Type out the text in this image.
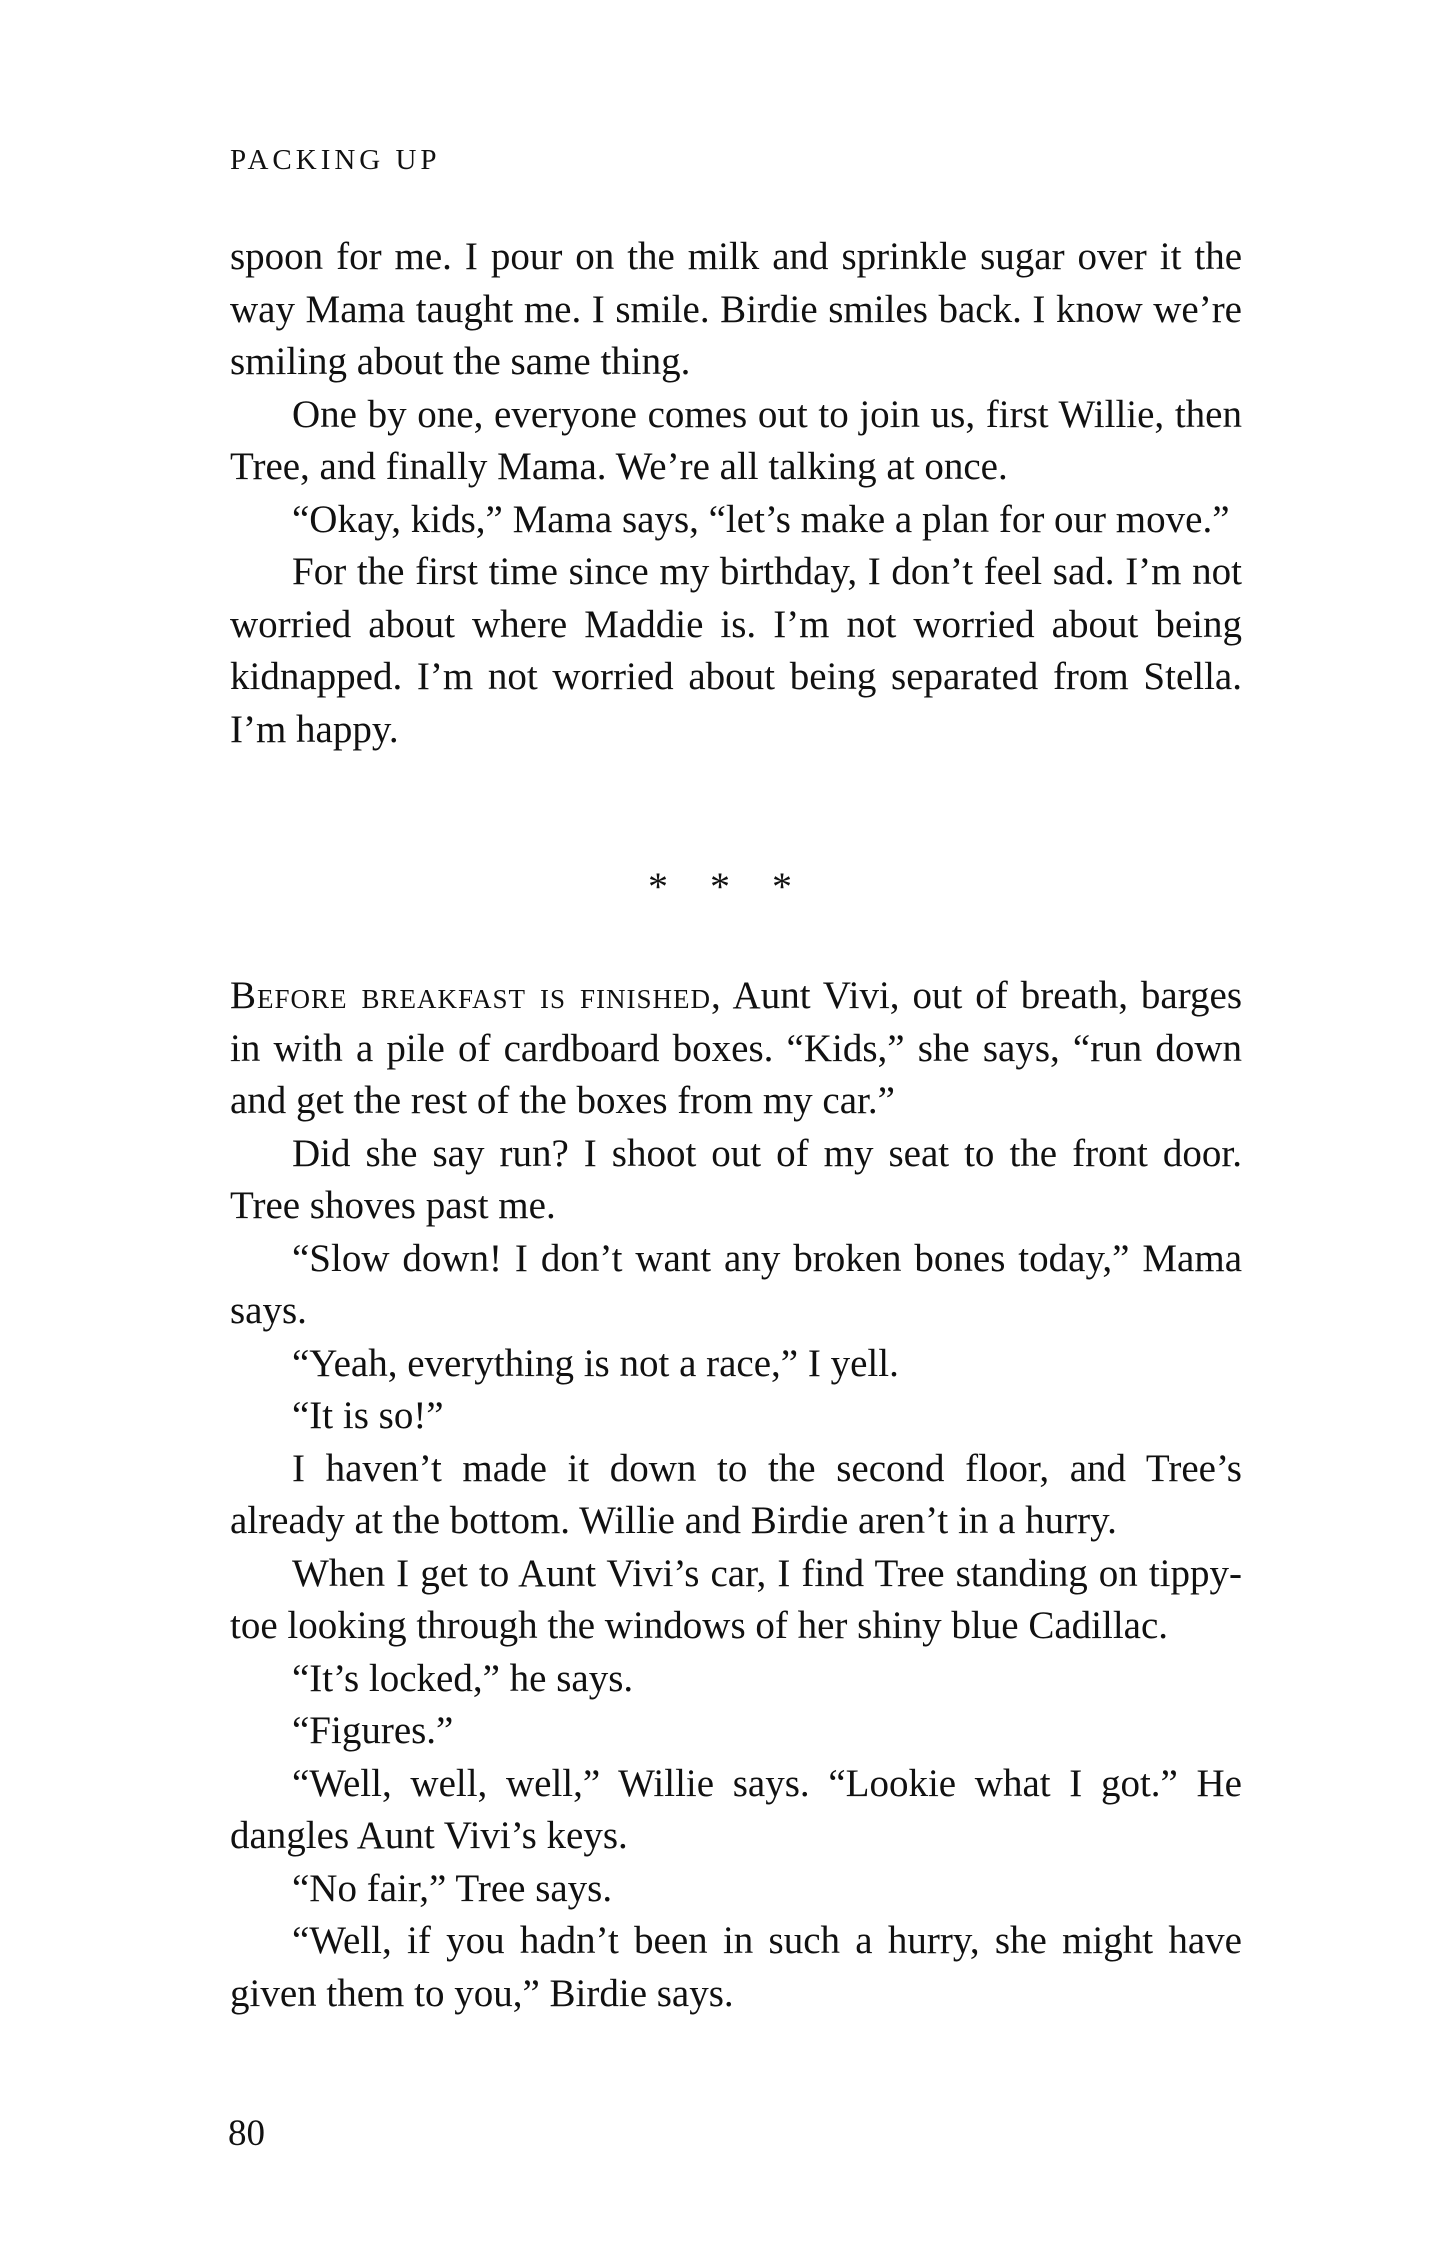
PACKING UP

spoon for me. I pour on the milk and sprinkle sugar over it the way Mama taught me. I smile. Birdie smiles back. I know we’re smiling about the same thing.

One by one, everyone comes out to join us, first Willie, then Tree, and finally Mama. We’re all talking at once.

“Okay, kids,” Mama says, “let’s make a plan for our move.”

For the first time since my birthday, I don’t feel sad. I’m not worried about where Maddie is. I’m not worried about being kidnapped. I’m not worried about being separated from Stella. I’m happy.

* * *

Before breakfast is finished, Aunt Vivi, out of breath, barges in with a pile of cardboard boxes. “Kids,” she says, “run down and get the rest of the boxes from my car.”

Did she say run? I shoot out of my seat to the front door. Tree shoves past me.

“Slow down! I don’t want any broken bones today,” Mama says.

“Yeah, everything is not a race,” I yell.

“It is so!”

I haven’t made it down to the second floor, and Tree’s already at the bottom. Willie and Birdie aren’t in a hurry.

When I get to Aunt Vivi’s car, I find Tree standing on tippy-toe looking through the windows of her shiny blue Cadillac.

“It’s locked,” he says.

“Figures.”

“Well, well, well,” Willie says. “Lookie what I got.” He dangles Aunt Vivi’s keys.

“No fair,” Tree says.

“Well, if you hadn’t been in such a hurry, she might have given them to you,” Birdie says.

80
